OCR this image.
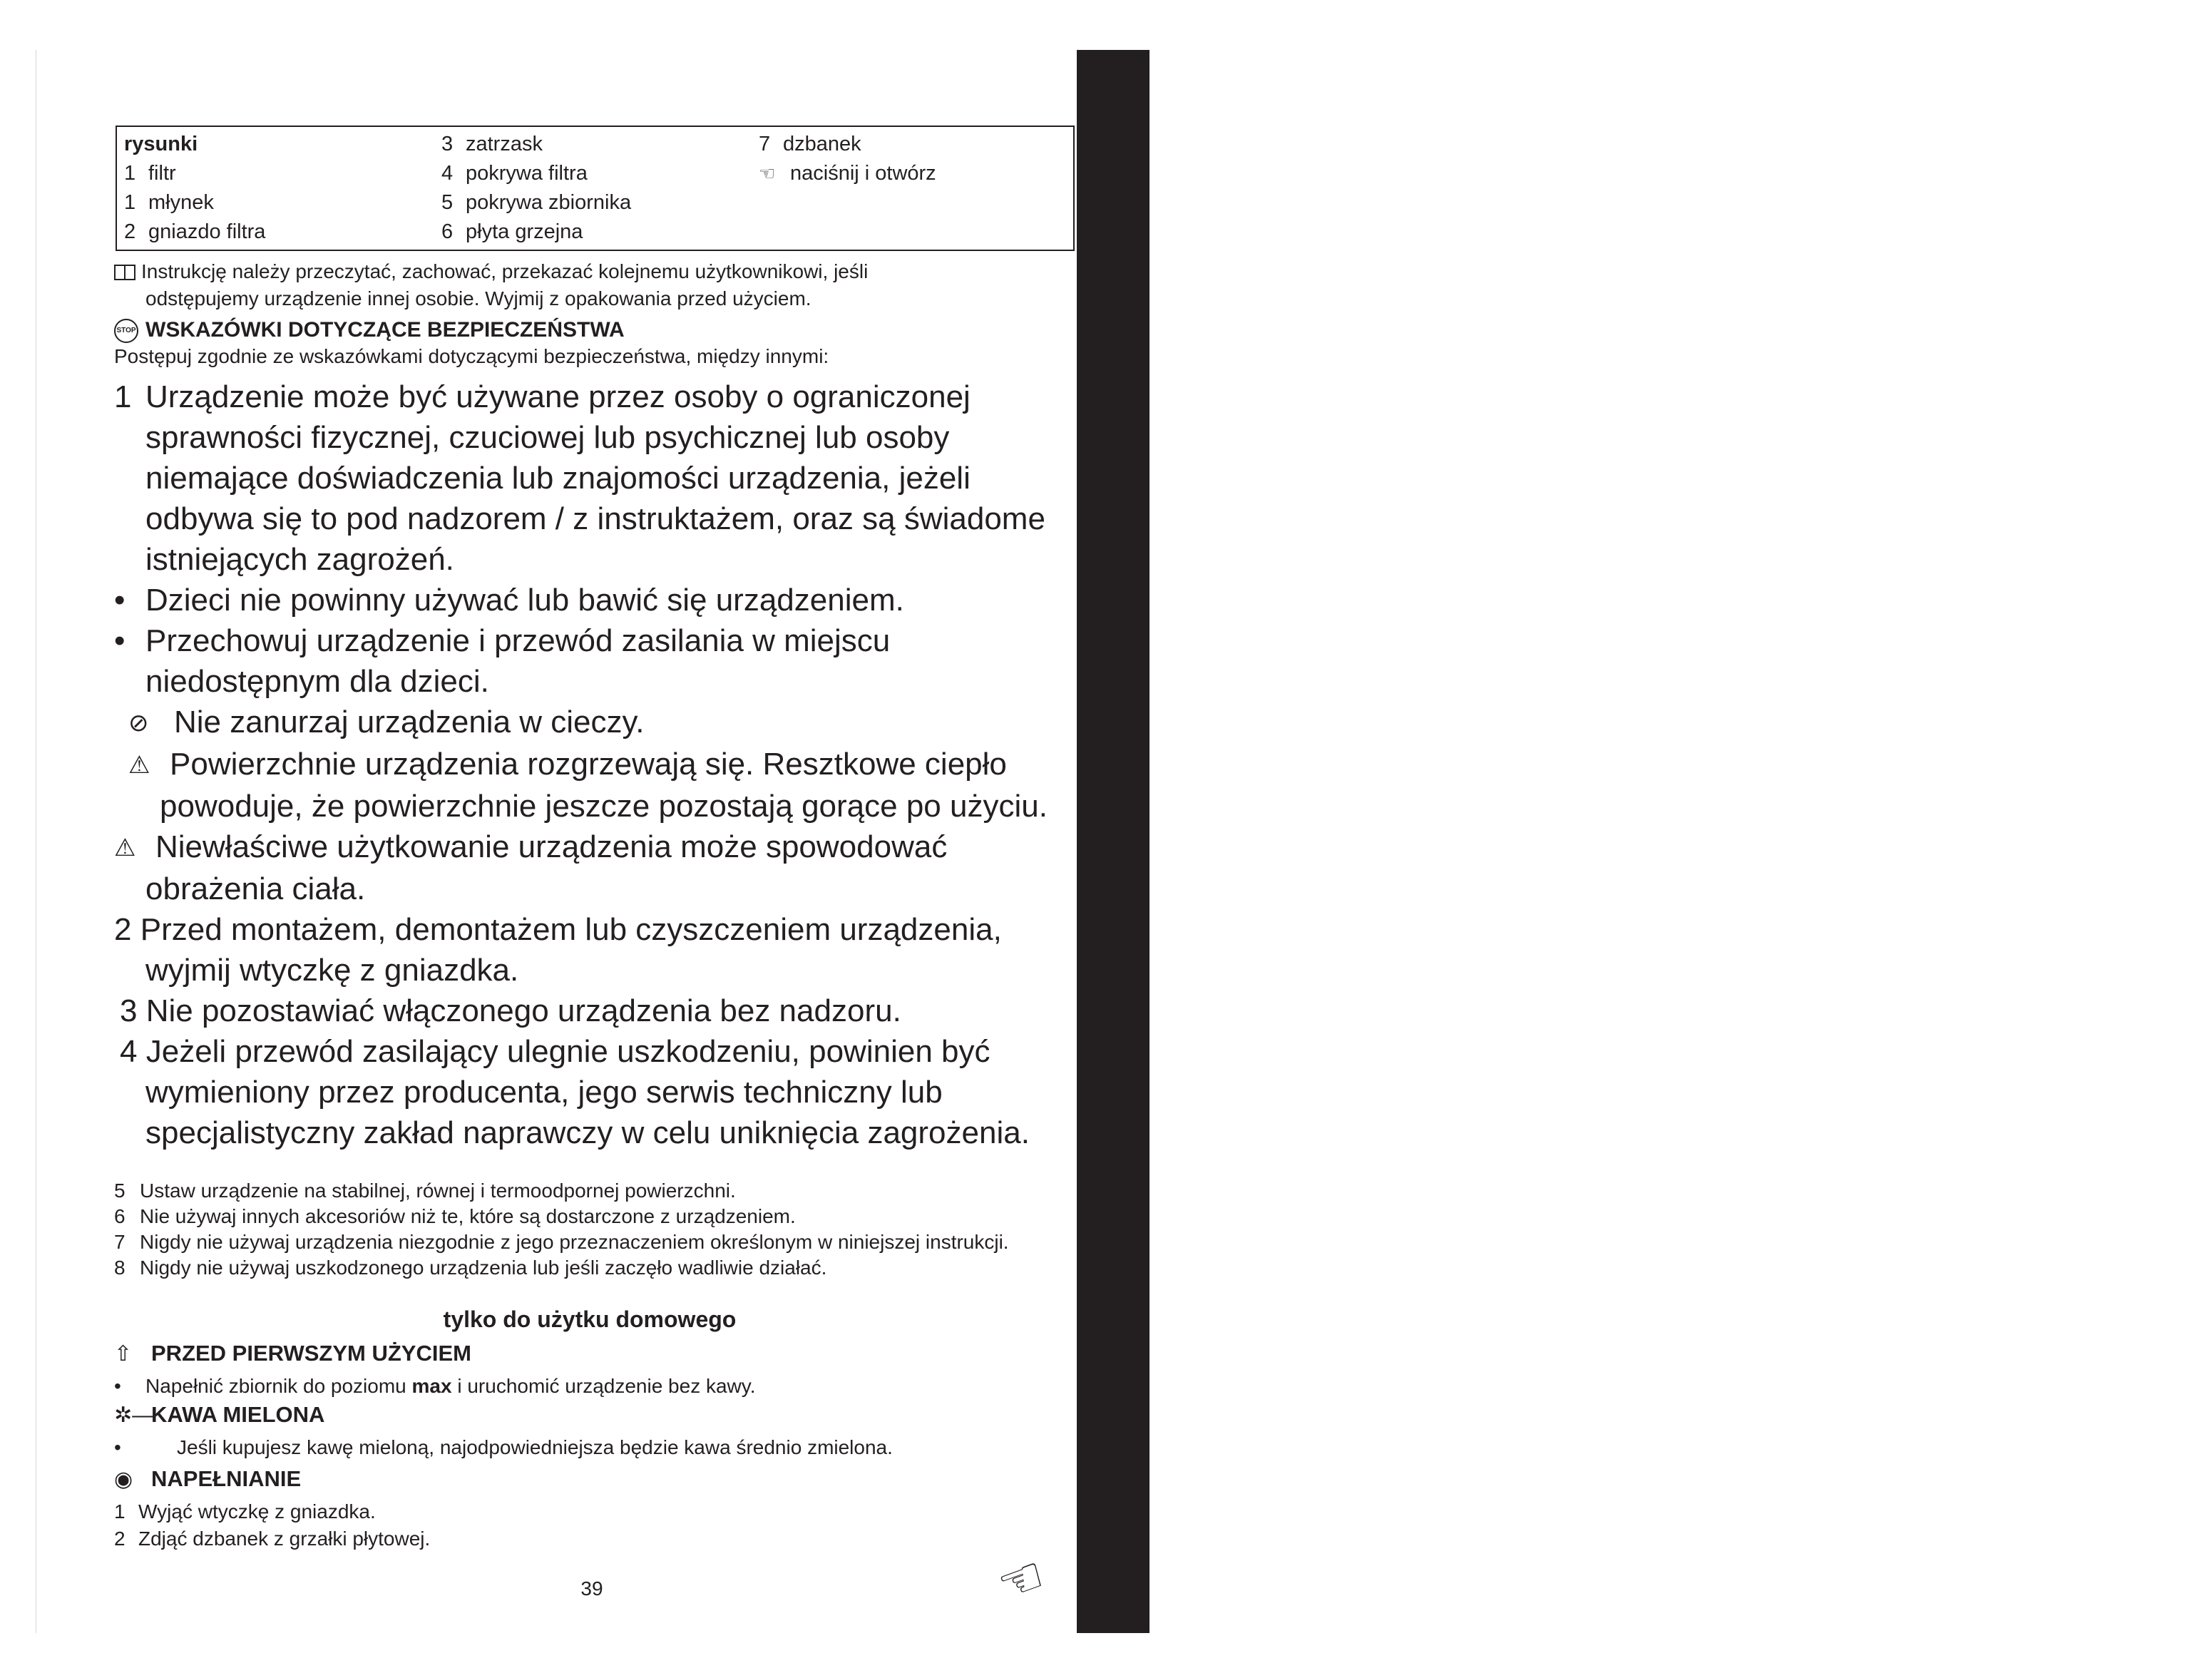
pokyny (Slovenčina)
rysunki
1 filtr
1 młynek
2 gniazdo filtra
3 zatrzask
4 pokrywa filtra
5 pokrywa zbiornika
6 płyta grzejna
7 dzbanek
☜ naciśnij i otwórz
Instrukcję należy przeczytać, zachować, przekazać kolejnemu użytkownikowi, jeśli
odstępujemy urządzenie innej osobie. Wyjmij z opakowania przed użyciem.
STOP WSKAZÓWKI DOTYCZĄCE BEZPIECZEŃSTWA
Postępuj zgodnie ze wskazówkami dotyczącymi bezpieczeństwa, między innymi:

1 Urządzenie może być używane przez osoby o ograniczonej sprawności fizycznej, czuciowej lub psychicznej lub osoby niemające doświadczenia lub znajomości urządzenia, jeżeli odbywa się to pod nadzorem / z instruktażem, oraz są świadome istniejących zagrożeń.

• Dzieci nie powinny używać lub bawić się urządzeniem.

• Przechowuj urządzenie i przewód zasilania w miejscu niedostępnym dla dzieci.

⊘ Nie zanurzaj urządzenia w cieczy.

⚠ Powierzchnie urządzenia rozgrzewają się. Resztkowe ciepło powoduje, że powierzchnie jeszcze pozostają gorące po użyciu.

⚠ Niewłaściwe użytkowanie urządzenia może spowodować obrażenia ciała.

2 Przed montażem, demontażem lub czyszczeniem urządzenia, wyjmij wtyczkę z gniazdka.

3 Nie pozostawiać włączonego urządzenia bez nadzoru.

4 Jeżeli przewód zasilający ulegnie uszkodzeniu, powinien być wymieniony przez producenta, jego serwis techniczny lub specjalistyczny zakład naprawczy w celu uniknięcia zagrożenia.

5 Ustaw urządzenie na stabilnej, równej i termoodpornej powierzchni.

6 Nie używaj innych akcesoriów niż te, które są dostarczone z urządzeniem.

7 Nigdy nie używaj urządzenia niezgodnie z jego przeznaczeniem określonym w niniejszej instrukcji.

8 Nigdy nie używaj uszkodzonego urządzenia lub jeśli zaczęło wadliwie działać.

tylko do użytku domowego
⇧ PRZED PIERWSZYM UŻYCIEM
• Napełnić zbiornik do poziomu max i uruchomić urządzenie bez kawy.
✲—KAWA MIELONA
•	Jeśli kupujesz kawę mieloną, najodpowiedniejsza będzie kawa średnio zmielona.
◉ NAPEŁNIANIE
1 Wyjąć wtyczkę z gniazdka.
2 Zdjąć dzbanek z grzałki płytowej.
39	☜
